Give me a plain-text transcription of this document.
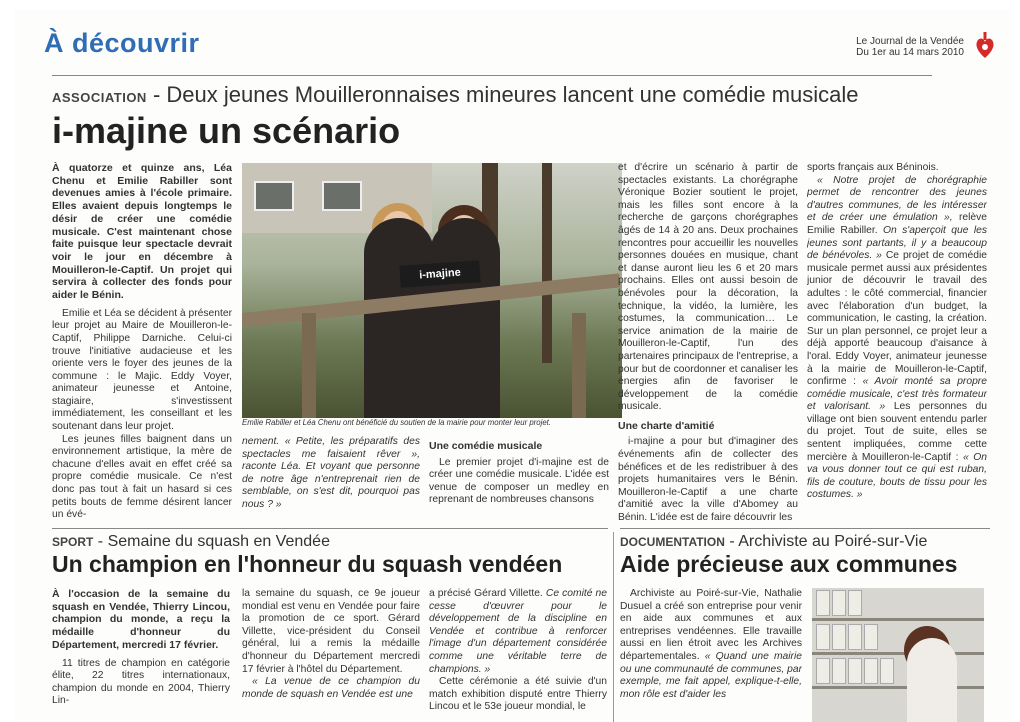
À découvrir	Le Journal de la Vendée
Du 1er au 14 mars 2010
ASSOCIATION - Deux jeunes Mouilleronnaises mineures lancent une comédie musicale
i-majine un scénario

À quatorze et quinze ans, Léa Chenu et Emilie Rabiller sont devenues amies à l'école primaire. Elles avaient depuis longtemps le désir de créer une comédie musicale. C'est maintenant chose faite puisque leur spectacle devrait voir le jour en décembre à Mouilleron-le-Captif. Un projet qui servira à collecter des fonds pour aider le Bénin.

Emilie et Léa se décident à présenter leur projet au Maire de Mouilleron-le-Captif, Philippe Darniche. Celui-ci trouve l'initiative audacieuse et les oriente vers le foyer des jeunes de la commune : le Majic. Eddy Voyer, animateur jeunesse et Antoine, stagiaire, s'investissent immédiatement, les conseillant et les soutenant dans leur projet.

Les jeunes filles baignent dans un environnement artistique, la mère de chacune d'elles avait en effet créé sa propre comédie musicale. Ce n'est donc pas tout à fait un hasard si ces petits bouts de femme désirent lancer un évé-

i-majine
Emilie Rabiller et Léa Chenu ont bénéficié du soutien de la mairie pour monter leur projet.

nement. « Petite, les préparatifs des spectacles me faisaient rêver », raconte Léa. Et voyant que personne de notre âge n'entreprenait rien de semblable, on s'est dit, pourquoi pas nous ? »

Une comédie musicale

Le premier projet d'i-majine est de créer une comédie musicale. L'idée est venue de composer un medley en reprenant de nombreuses chansons

et d'écrire un scénario à partir de spectacles existants. La chorégraphe Véronique Bozier soutient le projet, mais les filles sont encore à la recherche de garçons chorégraphes âgés de 14 à 20 ans. Deux prochaines rencontres pour accueillir les nouvelles personnes douées en musique, chant et danse auront lieu les 6 et 20 mars prochains. Elles ont aussi besoin de bénévoles pour la décoration, la technique, la vidéo, la lumière, les costumes, la communication… Le service animation de la mairie de Mouilleron-le-Captif, l'un des partenaires principaux de l'entreprise, a pour but de coordonner et canaliser les énergies afin de favoriser le développement de la comédie musicale.

Une charte d'amitié

i-majine a pour but d'imaginer des événements afin de collecter des bénéfices et de les redistribuer à des projets humanitaires vers le Bénin. Mouilleron-le-Captif a une charte d'amitié avec la ville d'Abomey au Bénin. L'idée est de faire découvrir les

sports français aux Béninois.

« Notre projet de chorégraphie permet de rencontrer des jeunes d'autres communes, de les intéresser et de créer une émulation », relève Emilie Rabiller. On s'aperçoit que les jeunes sont partants, il y a beaucoup de bénévoles. » Ce projet de comédie musicale permet aussi aux présidentes junior de découvrir le travail des adultes : le côté commercial, financier avec l'élaboration d'un budget, la communication, le casting, la création. Sur un plan personnel, ce projet leur a déjà apporté beaucoup d'aisance à l'oral. Eddy Voyer, animateur jeunesse à la mairie de Mouilleron-le-Captif, confirme : « Avoir monté sa propre comédie musicale, c'est très formateur et valorisant. » Les personnes du village ont bien souvent entendu parler du projet. Tout de suite, elles se sentent impliquées, comme cette mercière à Mouilleron-le-Captif : « On va vous donner tout ce qui est ruban, fils de couture, bouts de tissu pour les costumes. »

SPORT - Semaine du squash en Vendée
Un champion en l'honneur du squash vendéen

À l'occasion de la semaine du squash en Vendée, Thierry Lincou, champion du monde, a reçu la médaille d'honneur du Département, mercredi 17 février.

11 titres de champion en catégorie élite, 22 titres internationaux, champion du monde en 2004, Thierry Lin-

la semaine du squash, ce 9e joueur mondial est venu en Vendée pour faire la promotion de ce sport. Gérard Villette, vice-président du Conseil général, lui a remis la médaille d'honneur du Département mercredi 17 février à l'hôtel du Département.

« La venue de ce champion du monde de squash en Vendée est une

a précisé Gérard Villette. Ce comité ne cesse d'œuvrer pour le développement de la discipline en Vendée et contribue à renforcer l'image d'un département considérée comme une véritable terre de champions. »

Cette cérémonie a été suivie d'un match exhibition disputé entre Thierry Lincou et le 53e joueur mondial, le

DOCUMENTATION - Archiviste au Poiré-sur-Vie
Aide précieuse aux communes

Archiviste au Poiré-sur-Vie, Nathalie Dusuel a créé son entreprise pour venir en aide aux communes et aux entreprises vendéennes. Elle travaille aussi en lien étroit avec les Archives départementales. « Quand une mairie ou une communauté de communes, par exemple, me fait appel, explique-t-elle, mon rôle est d'aider les
